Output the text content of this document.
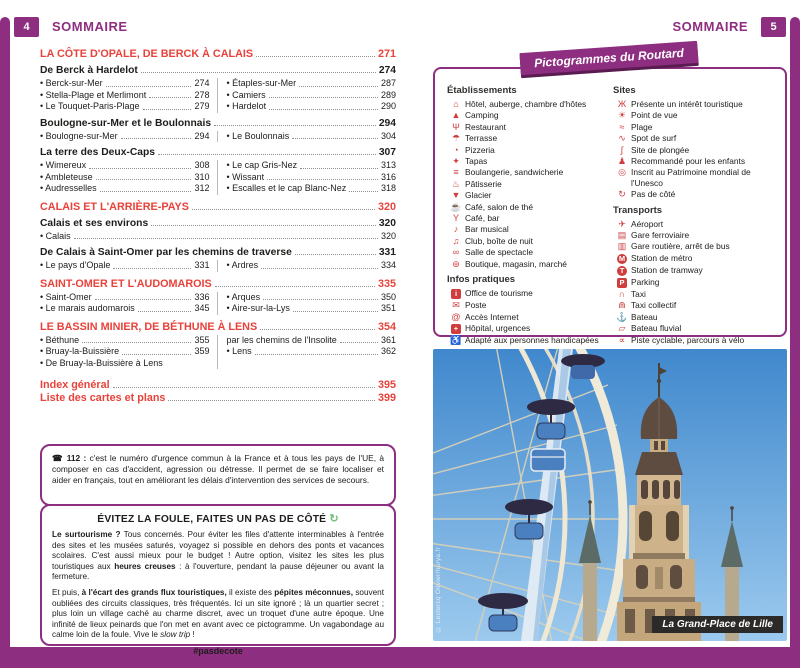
4	SOMMAIRE	SOMMAIRE	5
LA CÔTE D'OPALE, DE BERCK À CALAIS	271
De Berck à Hardelot	274
• Berck-sur-Mer	274
• Stella-Plage et Merlimont	278
• Le Touquet-Paris-Plage	279
• Étaples-sur-Mer	287
• Camiers	289
• Hardelot	290
Boulogne-sur-Mer et le Boulonnais	294
• Boulogne-sur-Mer	294 • Le Boulonnais	304
La terre des Deux-Caps	307
• Wimereux	308
• Ambleteuse	310
• Audresselles	312
• Le cap Gris-Nez	313
• Wissant	316
• Escalles et le cap Blanc-Nez	318
CALAIS ET L'ARRIÈRE-PAYS	320
Calais et ses environs	320
• Calais	320
De Calais à Saint-Omer par les chemins de traverse	331
• Le pays d'Opale	331 • Ardres	334
SAINT-OMER ET L'AUDOMAROIS	335
• Saint-Omer	336
• Le marais audomarois	345
• Arques	350
• Aire-sur-la-Lys	351
LE BASSIN MINIER, DE BÉTHUNE À LENS	354
• Béthune	355
• Bruay-la-Buissière	359
• De Bruay-la-Buissière à Lens
par les chemins de l'Insolite	361
• Lens	362
Index général	395
Liste des cartes et plans	399
☎ 112 : c'est le numéro d'urgence commun à la France et à tous les pays de l'UE, à composer en cas d'accident, agression ou détresse. Il permet de se faire localiser et aider en français, tout en améliorant les délais d'intervention des services de secours.
ÉVITEZ LA FOULE, FAITES UN PAS DE CÔTÉ ↻

Le surtourisme ? Tous concernés. Pour éviter les files d'attente interminables à l'entrée des sites et les musées saturés, voyagez si possible en dehors des ponts et vacances scolaires. C'est aussi mieux pour le budget ! Autre option, visitez les sites les plus touristiques aux heures creuses : à l'ouverture, pendant la pause déjeuner ou avant la fermeture.

Et puis, à l'écart des grands flux touristiques, il existe des pépites méconnues, souvent oubliées des circuits classiques, très fréquentés. Ici un site ignoré ; là un quartier secret ; plus loin un village caché au charme discret, avec un troquet d'une autre époque. Une infinité de lieux peinards que l'on met en avant avec ce pictogramme. Un vagabondage au calme loin de la foule. Vive le slow trip !

#pasdecote
Pictogrammes du Routard
Établissements
⌂ Hôtel, auberge, chambre d'hôtes
▲ Camping
Ψ Restaurant
☂ Terrasse
◔ Pizzeria
✦ Tapas
≡ Boulangerie, sandwicherie
♨ Pâtisserie
▼ Glacier
☕ Café, salon de thé
Y Café, bar
♪ Bar musical
♫ Club, boîte de nuit
∞ Salle de spectacle
⊛ Boutique, magasin, marché
Infos pratiques
i Office de tourisme
✉ Poste
@ Accès Internet
+ Hôpital, urgences
♿ Adapté aux personnes handicapées
Sites
Ж Présente un intérêt touristique
☀ Point de vue
≈ Plage
∿ Spot de surf
∫ Site de plongée
♟ Recommandé pour les enfants
◎ Inscrit au Patrimoine mondial de l'Unesco
↻ Pas de côté
Transports
✈ Aéroport
▤ Gare ferroviaire
▥ Gare routière, arrêt de bus
M Station de métro
T Station de tramway
P Parking
∩ Taxi
⋒ Taxi collectif
⚓ Bateau
▱ Bateau fluvial
∝ Piste cyclable, parcours à vélo
© Leclercq Olivier/hurya.fr	La Grand-Place de Lille
